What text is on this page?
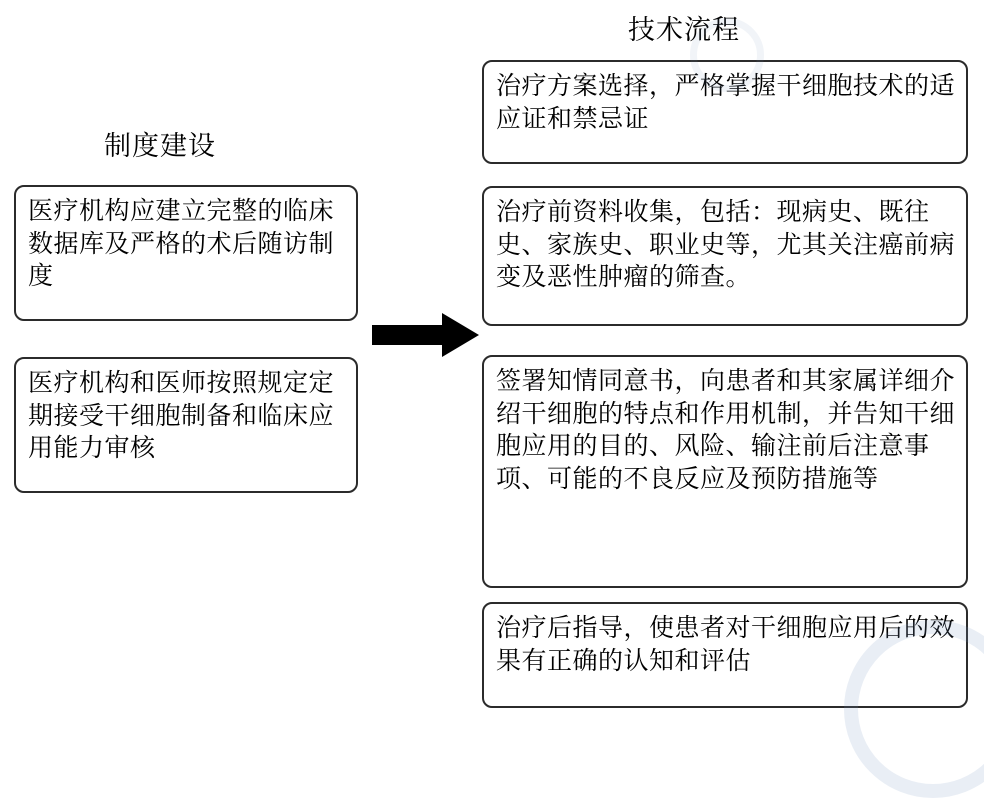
制度建设
技术流程

医疗机构应建立完整的临床数据库及严格的术后随访制度

医疗机构和医师按照规定定期接受干细胞制备和临床应用能力审核

治疗方案选择，严格掌握干细胞技术的适应证和禁忌证

治疗前资料收集，包括：现病史、既往史、家族史、职业史等，尤其关注癌前病变及恶性肿瘤的筛查。

签署知情同意书，向患者和其家属详细介绍干细胞的特点和作用机制，并告知干细胞应用的目的、风险、输注前后注意事项、可能的不良反应及预防措施等

治疗后指导，使患者对干细胞应用后的效果有正确的认知和评估
